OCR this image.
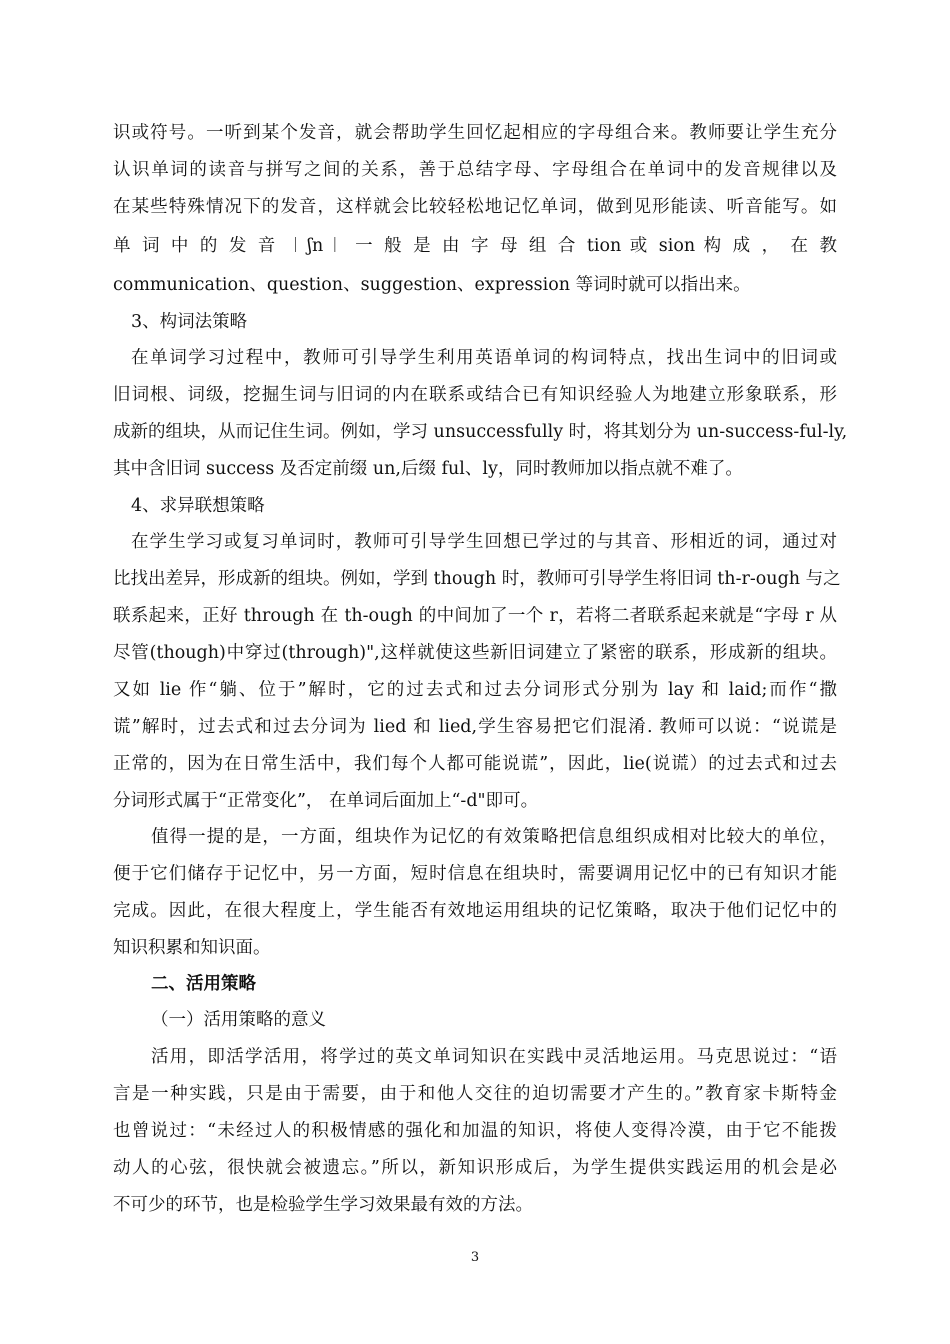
识或符号。一听到某个发音，就会帮助学生回忆起相应的字母组合来。教师要让学生充分
认识单词的读音与拼写之间的关系，善于总结字母、字母组合在单词中的发音规律以及
在某些特殊情况下的发音，这样就会比较轻松地记忆单词，做到见形能读、听音能写。如
单 词 中 的 发 音 ︱ʃn︱ 一 般 是 由 字 母 组 合 tion 或 sion 构 成 ， 在 教
communication、question、suggestion、expression 等词时就可以指出来。
3、构词法策略
在单词学习过程中，教师可引导学生利用英语单词的构词特点，找出生词中的旧词或
旧词根、词级，挖掘生词与旧词的内在联系或结合已有知识经验人为地建立形象联系，形
成新的组块，从而记住生词。例如，学习 unsuccessfully 时，将其划分为 un-success-ful-ly,
其中含旧词 success 及否定前缀 un,后缀 ful、ly，同时教师加以指点就不难了。
4、求异联想策略
在学生学习或复习单词时，教师可引导学生回想已学过的与其音、形相近的词，通过对
比找出差异，形成新的组块。例如，学到 though 时，教师可引导学生将旧词 th-r-ough 与之
联系起来，正好 through 在 th-ough 的中间加了一个 r，若将二者联系起来就是“字母 r 从
尽管(though)中穿过(through)",这样就使这些新旧词建立了紧密的联系，形成新的组块。
又如 lie 作“躺、位于”解时，它的过去式和过去分词形式分别为 lay 和 laid;而作“撒
谎”解时，过去式和过去分词为 lied 和 lied,学生容易把它们混淆. 教师可以说：“说谎是
正常的，因为在日常生活中，我们每个人都可能说谎”，因此，lie(说谎）的过去式和过去
分词形式属于“正常变化”， 在单词后面加上“-d"即可。
值得一提的是，一方面，组块作为记忆的有效策略把信息组织成相对比较大的单位，
便于它们储存于记忆中，另一方面，短时信息在组块时，需要调用记忆中的已有知识才能
完成。因此，在很大程度上，学生能否有效地运用组块的记忆策略，取决于他们记忆中的
知识积累和知识面。
二、活用策略
（一）活用策略的意义
活用，即活学活用，将学过的英文单词知识在实践中灵活地运用。马克思说过：“语
言是一种实践，只是由于需要，由于和他人交往的迫切需要才产生的。”教育家卡斯特金
也曾说过：“未经过人的积极情感的强化和加温的知识，将使人变得冷漠，由于它不能拨
动人的心弦，很快就会被遗忘。”所以，新知识形成后，为学生提供实践运用的机会是必
不可少的环节，也是检验学生学习效果最有效的方法。
3
